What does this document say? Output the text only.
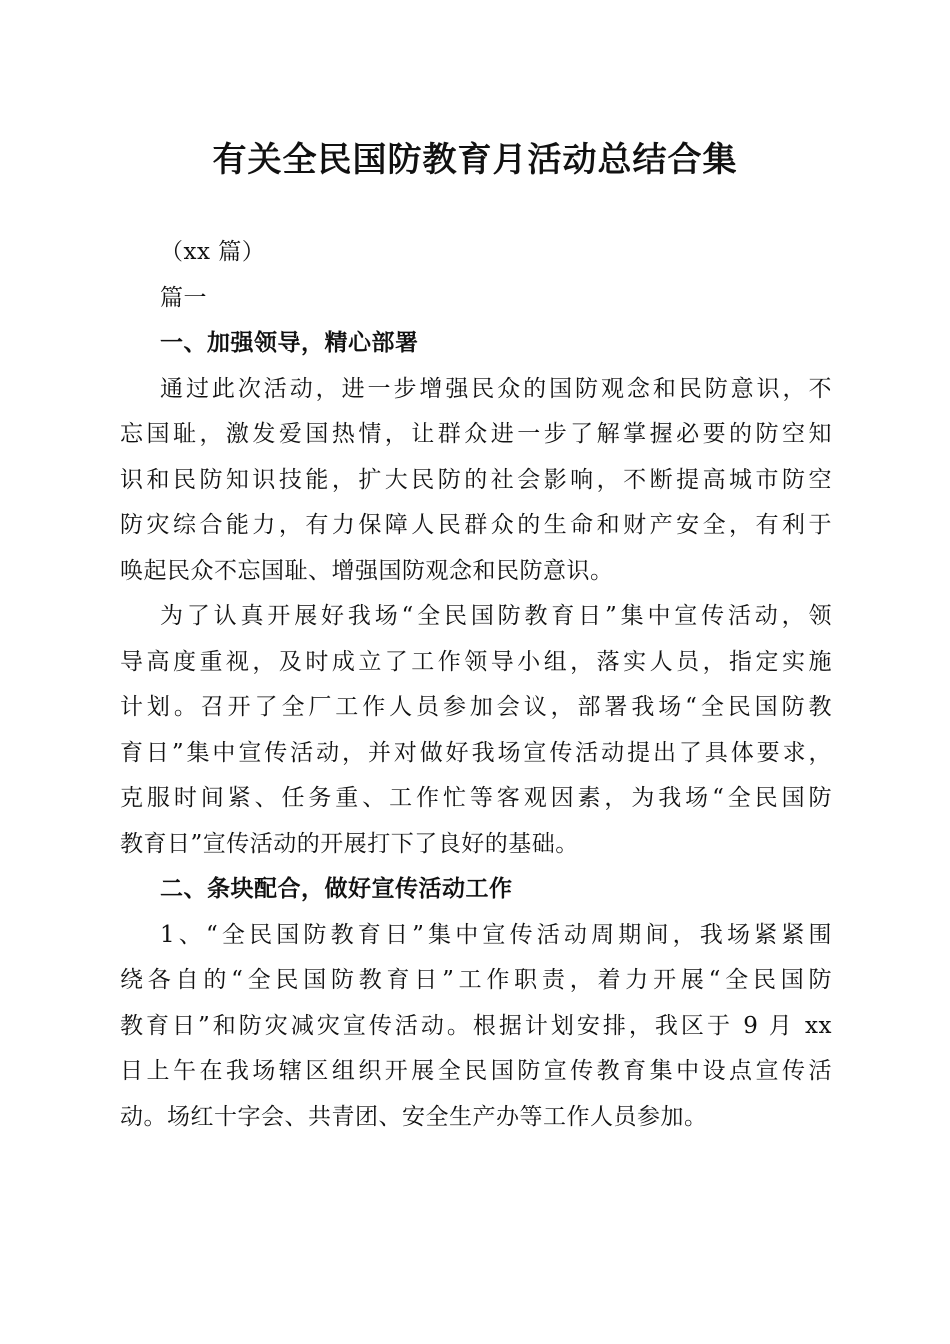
有关全民国防教育月活动总结合集

（xx 篇）

篇一

一、加强领导，精心部署

通过此次活动，进一步增强民众的国防观念和民防意识，不

忘国耻，激发爱国热情，让群众进一步了解掌握必要的防空知

识和民防知识技能，扩大民防的社会影响，不断提高城市防空

防灾综合能力，有力保障人民群众的生命和财产安全，有利于

唤起民众不忘国耻、增强国防观念和民防意识。

为了认真开展好我场“全民国防教育日”集中宣传活动，领

导高度重视，及时成立了工作领导小组，落实人员，指定实施

计划。召开了全厂工作人员参加会议，部署我场“全民国防教

育日”集中宣传活动，并对做好我场宣传活动提出了具体要求，

克服时间紧、任务重、工作忙等客观因素，为我场“全民国防

教育日”宣传活动的开展打下了良好的基础。

二、条块配合，做好宣传活动工作

1、“全民国防教育日”集中宣传活动周期间，我场紧紧围

绕各自的“全民国防教育日”工作职责，着力开展“全民国防

教育日”和防灾减灾宣传活动。根据计划安排，我区于 9 月 xx

日上午在我场辖区组织开展全民国防宣传教育集中设点宣传活

动。场红十字会、共青团、安全生产办等工作人员参加。
